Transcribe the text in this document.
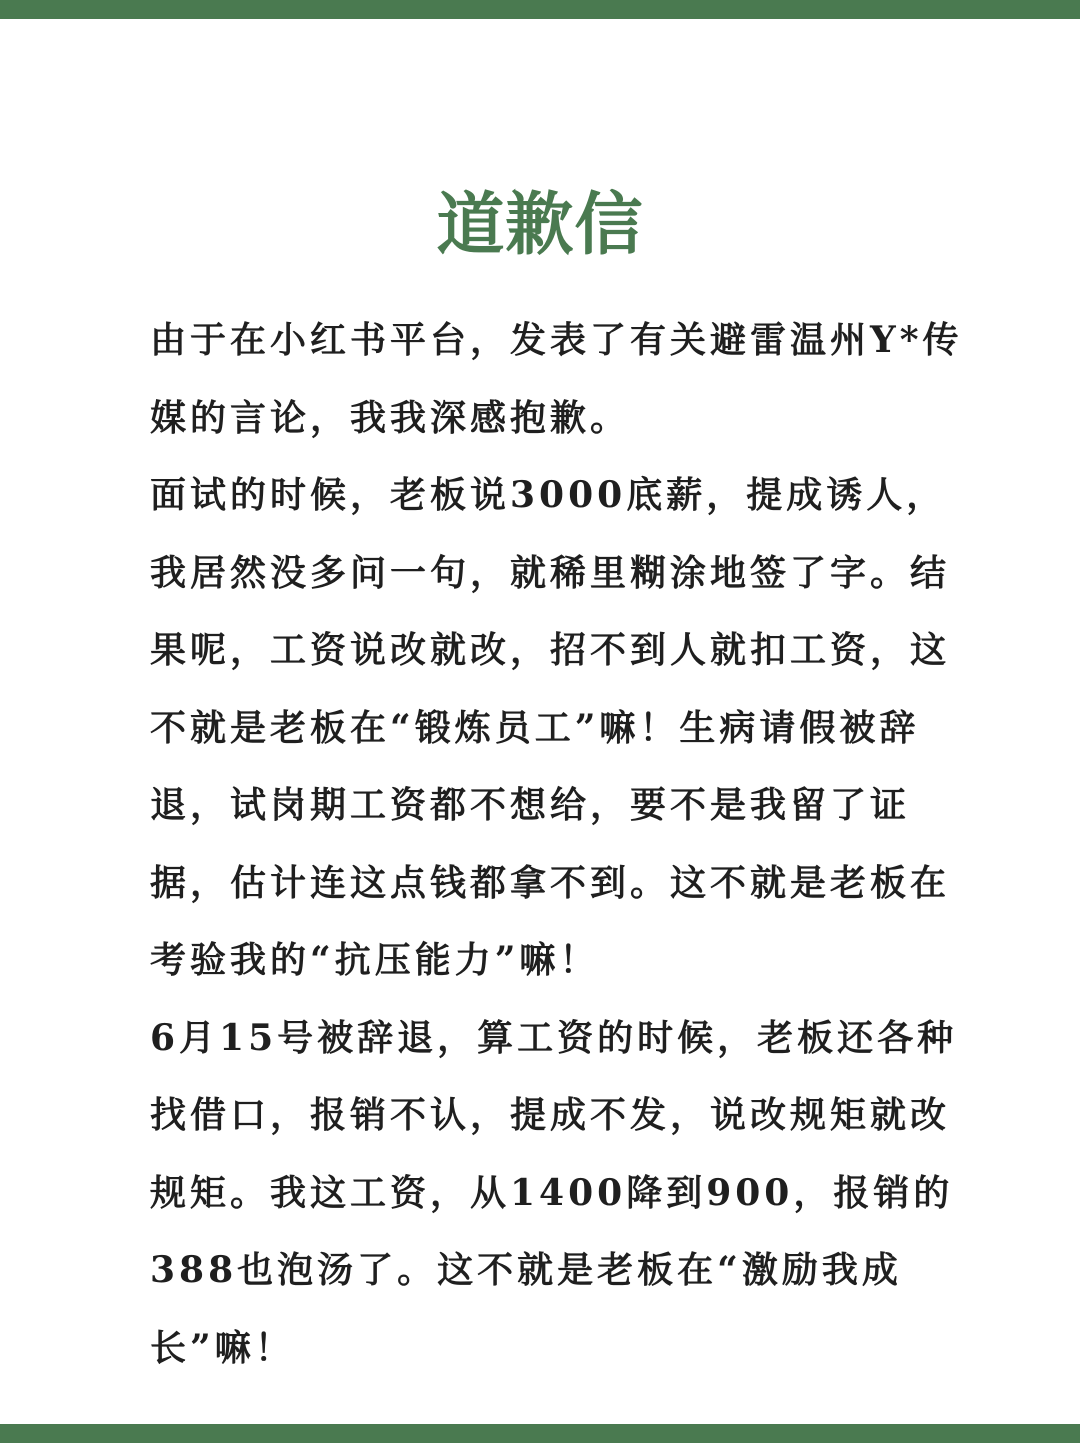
道歉信
由于在小红书平台，发表了有关避雷温州Y*传
媒的言论，我我深感抱歉。
面试的时候，老板说3000底薪，提成诱人，
我居然没多问一句，就稀里糊涂地签了字。结
果呢，工资说改就改，招不到人就扣工资，这
不就是老板在“锻炼员工”嘛！生病请假被辞
退，试岗期工资都不想给，要不是我留了证
据，估计连这点钱都拿不到。这不就是老板在
考验我的“抗压能力”嘛！
6月15号被辞退，算工资的时候，老板还各种
找借口，报销不认，提成不发，说改规矩就改
规矩。我这工资，从1400降到900，报销的
388也泡汤了。这不就是老板在“激励我成
长”嘛！
